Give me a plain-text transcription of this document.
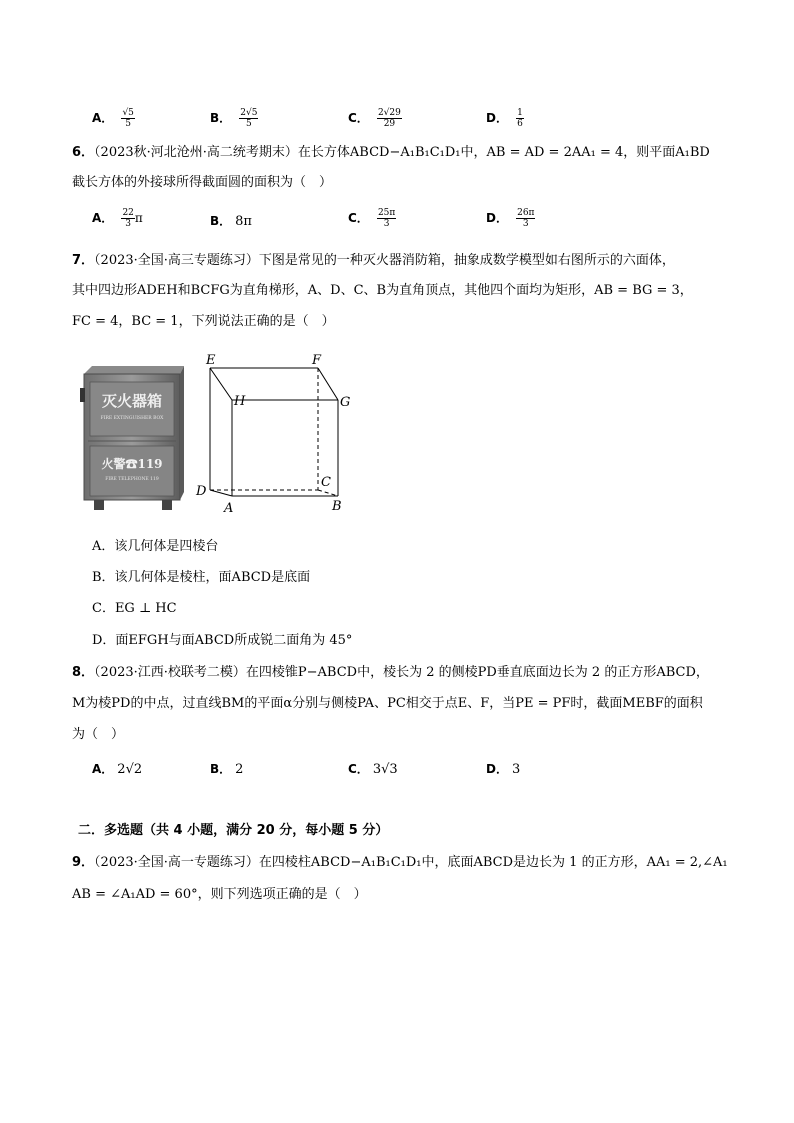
A． $\frac{√5}{5}$	B． $\frac{2√5}{5}$	C． $\frac{2√29}{29}$	D． $\frac{1}{6}$
6．（2023秋·河北沧州·高二统考期末）在长方体ABCD−A₁B₁C₁D₁中，AB = AD = 2AA₁ = 4，则平面A₁BD
截长方体的外接球所得截面圆的面积为（　）
A． $\frac{22}{3}$ π	B． 8π	C． $\frac{25\pi}{3}$	D． $\frac{26\pi}{3}$
7．（2023·全国·高三专题练习）下图是常见的一种灭火器消防箱，抽象成数学模型如右图所示的六面体，
其中四边形ADEH和BCFG为直角梯形，A、D、C、B为直角顶点，其他四个面均为矩形，AB = BG = 3，
FC = 4，BC = 1，下列说法正确的是（　）
灭火器箱
FIRE EXTINGUISHER BOX
火警☎119
FIRE TELEPHONE 119
E	F
H	G
D
C
A	B
A．该几何体是四棱台
B．该几何体是棱柱，面ABCD是底面
C．EG ⊥ HC
D．面EFGH与面ABCD所成锐二面角为 45°
8．（2023·江西·校联考二模）在四棱锥P−ABCD中，棱长为 2 的侧棱PD垂直底面边长为 2 的正方形ABCD，
M为棱PD的中点，过直线BM的平面α分别与侧棱PA、PC相交于点E、F，当PE = PF时，截面MEBF的面积
为（　）
A． 2√2	B． 2	C． 3√3	D． 3
二．多选题（共 4 小题，满分 20 分，每小题 5 分）
9．（2023·全国·高一专题练习）在四棱柱ABCD−A₁B₁C₁D₁中，底面ABCD是边长为 1 的正方形，AA₁ = 2,∠A₁
AB = ∠A₁AD = 60°，则下列选项正确的是（　）
